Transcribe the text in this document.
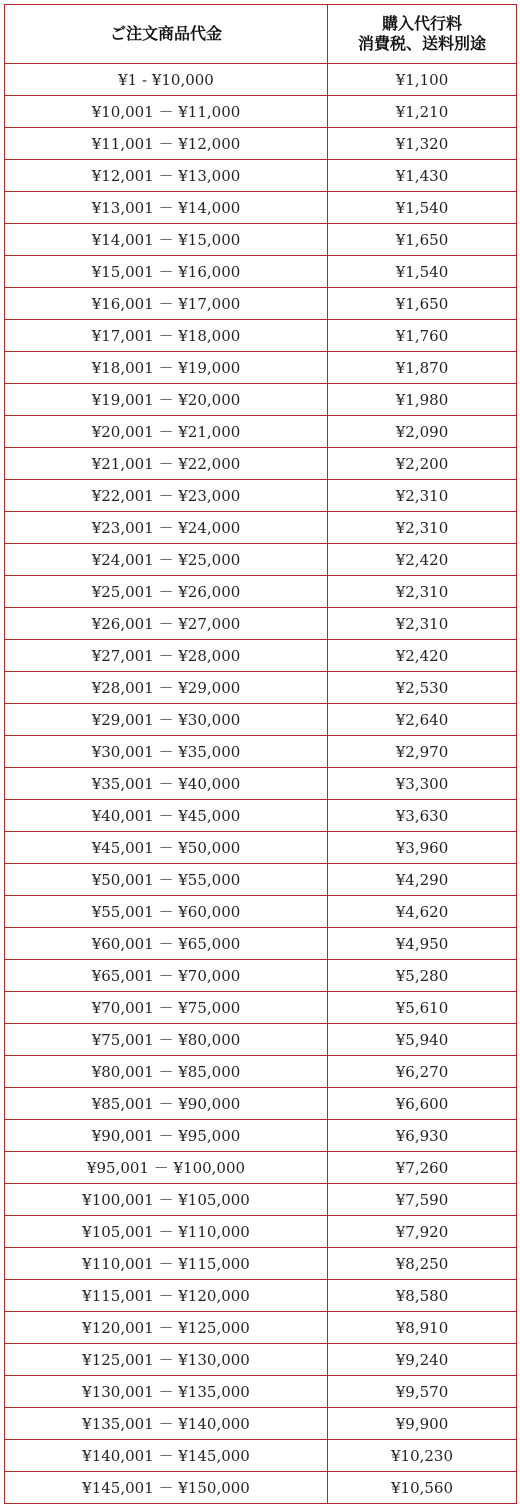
ご注文商品代金	購入代行料
消費税、送料別途

¥1 - ¥10,000	¥1,100
¥10,001 － ¥11,000	¥1,210
¥11,001 － ¥12,000	¥1,320
¥12,001 － ¥13,000	¥1,430
¥13,001 － ¥14,000	¥1,540
¥14,001 － ¥15,000	¥1,650
¥15,001 － ¥16,000	¥1,540
¥16,001 － ¥17,000	¥1,650
¥17,001 － ¥18,000	¥1,760
¥18,001 － ¥19,000	¥1,870
¥19,001 － ¥20,000	¥1,980
¥20,001 － ¥21,000	¥2,090
¥21,001 － ¥22,000	¥2,200
¥22,001 － ¥23,000	¥2,310
¥23,001 － ¥24,000	¥2,310
¥24,001 － ¥25,000	¥2,420
¥25,001 － ¥26,000	¥2,310
¥26,001 － ¥27,000	¥2,310
¥27,001 － ¥28,000	¥2,420
¥28,001 － ¥29,000	¥2,530
¥29,001 － ¥30,000	¥2,640
¥30,001 － ¥35,000	¥2,970
¥35,001 － ¥40,000	¥3,300
¥40,001 － ¥45,000	¥3,630
¥45,001 － ¥50,000	¥3,960
¥50,001 － ¥55,000	¥4,290
¥55,001 － ¥60,000	¥4,620
¥60,001 － ¥65,000	¥4,950
¥65,001 － ¥70,000	¥5,280
¥70,001 － ¥75,000	¥5,610
¥75,001 － ¥80,000	¥5,940
¥80,001 － ¥85,000	¥6,270
¥85,001 － ¥90,000	¥6,600
¥90,001 － ¥95,000	¥6,930
¥95,001 － ¥100,000	¥7,260
¥100,001 － ¥105,000	¥7,590
¥105,001 － ¥110,000	¥7,920
¥110,001 － ¥115,000	¥8,250
¥115,001 － ¥120,000	¥8,580
¥120,001 － ¥125,000	¥8,910
¥125,001 － ¥130,000	¥9,240
¥130,001 － ¥135,000	¥9,570
¥135,001 － ¥140,000	¥9,900
¥140,001 － ¥145,000	¥10,230
¥145,001 － ¥150,000	¥10,560
